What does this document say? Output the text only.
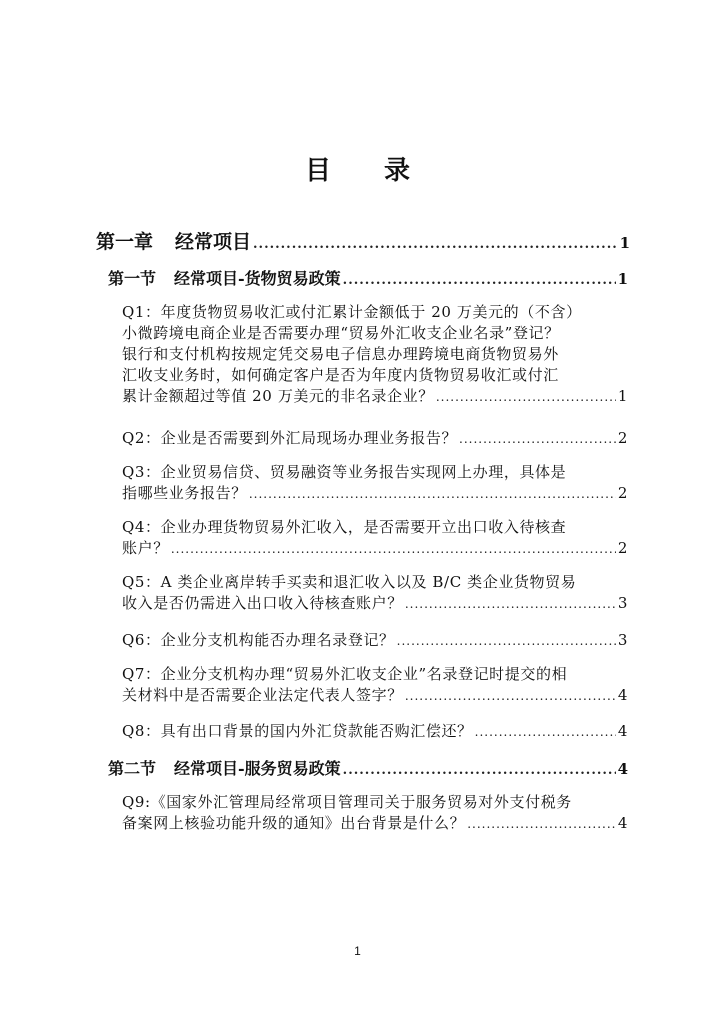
目 录
第一章 经常项目 .....	1
第一节 经常项目-货物贸易政策 .....	1
Q1：年度货物贸易收汇或付汇累计金额低于 20 万美元的（不含）
小微跨境电商企业是否需要办理“贸易外汇收支企业名录”登记？
银行和支付机构按规定凭交易电子信息办理跨境电商货物贸易外
汇收支业务时，如何确定客户是否为年度内货物贸易收汇或付汇
累计金额超过等值 20 万美元的非名录企业？ .....	1
Q2：企业是否需要到外汇局现场办理业务报告？ .....	2
Q3：企业贸易信贷、贸易融资等业务报告实现网上办理，具体是
指哪些业务报告？ .....	2
Q4：企业办理货物贸易外汇收入，是否需要开立出口收入待核查
账户？ .....	2
Q5：A 类企业离岸转手买卖和退汇收入以及 B/C 类企业货物贸易
收入是否仍需进入出口收入待核查账户？ .....	3
Q6：企业分支机构能否办理名录登记？ .....	3
Q7：企业分支机构办理“贸易外汇收支企业”名录登记时提交的相
关材料中是否需要企业法定代表人签字？ .....	4
Q8：具有出口背景的国内外汇贷款能否购汇偿还？ .....	4
第二节 经常项目-服务贸易政策 .....	4
Q9:《国家外汇管理局经常项目管理司关于服务贸易对外支付税务
备案网上核验功能升级的通知》出台背景是什么？ .....	4
1
